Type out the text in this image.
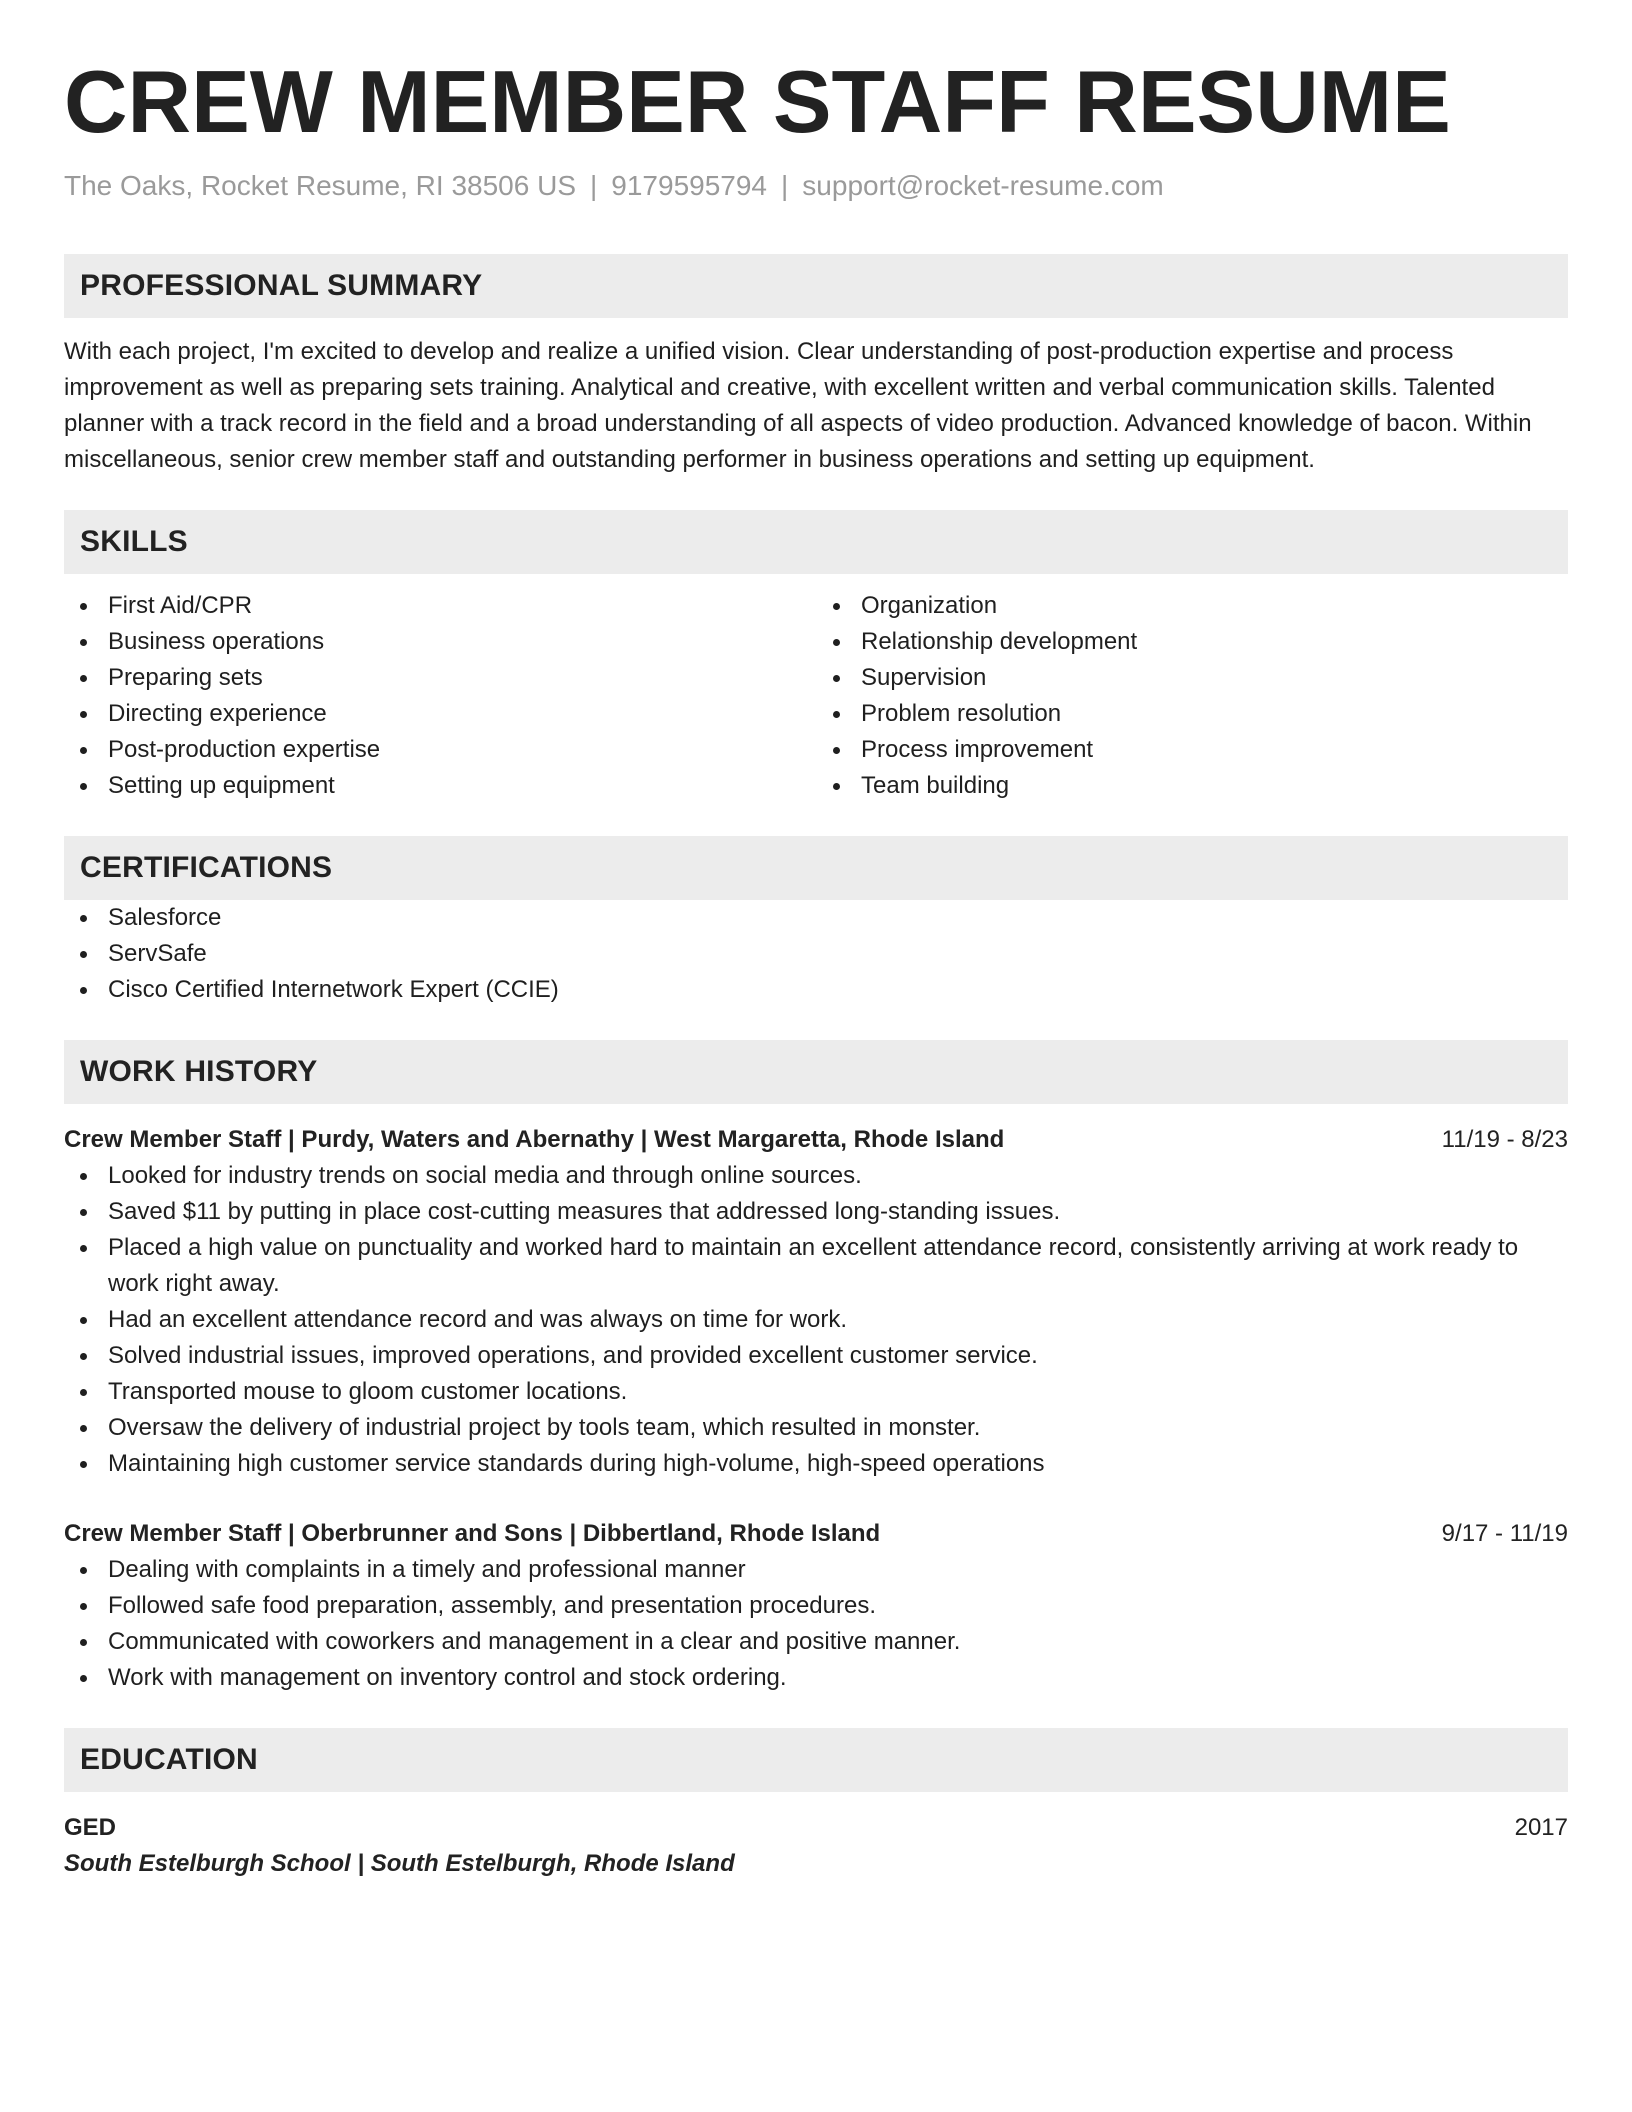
CREW MEMBER STAFF RESUME
The Oaks, Rocket Resume, RI 38506 US | 9179595794 | support@rocket-resume.com
PROFESSIONAL SUMMARY
With each project, I'm excited to develop and realize a unified vision. Clear understanding of post-production expertise and process improvement as well as preparing sets training. Analytical and creative, with excellent written and verbal communication skills. Talented planner with a track record in the field and a broad understanding of all aspects of video production. Advanced knowledge of bacon. Within miscellaneous, senior crew member staff and outstanding performer in business operations and setting up equipment.
SKILLS
First Aid/CPR
Business operations
Preparing sets
Directing experience
Post-production expertise
Setting up equipment
Organization
Relationship development
Supervision
Problem resolution
Process improvement
Team building
CERTIFICATIONS
Salesforce
ServSafe
Cisco Certified Internetwork Expert (CCIE)
WORK HISTORY
Crew Member Staff | Purdy, Waters and Abernathy | West Margaretta, Rhode Island	11/19 - 8/23
Looked for industry trends on social media and through online sources.
Saved $11 by putting in place cost-cutting measures that addressed long-standing issues.
Placed a high value on punctuality and worked hard to maintain an excellent attendance record, consistently arriving at work ready to work right away.
Had an excellent attendance record and was always on time for work.
Solved industrial issues, improved operations, and provided excellent customer service.
Transported mouse to gloom customer locations.
Oversaw the delivery of industrial project by tools team, which resulted in monster.
Maintaining high customer service standards during high-volume, high-speed operations
Crew Member Staff | Oberbrunner and Sons | Dibbertland, Rhode Island	9/17 - 11/19
Dealing with complaints in a timely and professional manner
Followed safe food preparation, assembly, and presentation procedures.
Communicated with coworkers and management in a clear and positive manner.
Work with management on inventory control and stock ordering.
EDUCATION
GED	2017
South Estelburgh School | South Estelburgh, Rhode Island
